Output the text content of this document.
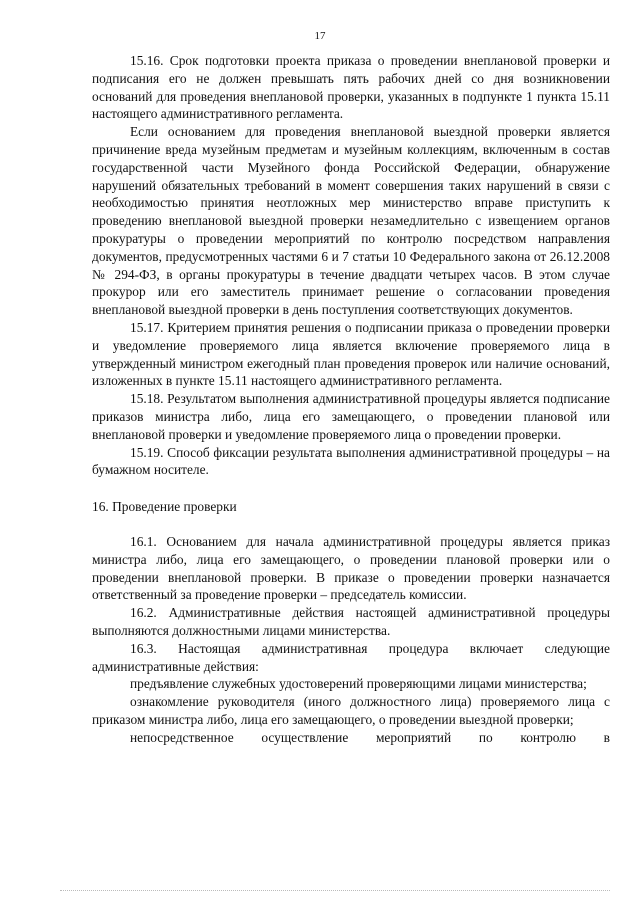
17

15.16. Срок подготовки проекта приказа о проведении внеплановой проверки и подписания его не должен превышать пять рабочих дней со дня возникновении оснований для проведения внеплановой проверки, указанных в подпункте 1 пункта 15.11 настоящего административного регламента.

Если основанием для проведения внеплановой выездной проверки является причинение вреда музейным предметам и музейным коллекциям, включенным в состав государственной части Музейного фонда Российской Федерации, обнаружение нарушений обязательных требований в момент совершения таких нарушений в связи с необходимостью принятия неотложных мер министерство вправе приступить к проведению внеплановой выездной проверки незамедлительно с извещением органов прокуратуры о проведении мероприятий по контролю посредством направления документов, предусмотренных частями 6 и 7 статьи 10 Федерального закона от 26.12.2008 № 294-ФЗ, в органы прокуратуры в течение двадцати четырех часов. В этом случае прокурор или его заместитель принимает решение о согласовании проведения внеплановой выездной проверки в день поступления соответствующих документов.

15.17. Критерием принятия решения о подписании приказа о проведении проверки и уведомление проверяемого лица является включение проверяемого лица в утвержденный министром ежегодный план проведения проверок или наличие оснований, изложенных в пункте 15.11 настоящего административного регламента.

15.18. Результатом выполнения административной процедуры является подписание приказов министра либо, лица его замещающего, о проведении плановой или внеплановой проверки и уведомление проверяемого лица о проведении проверки.

15.19. Способ фиксации результата выполнения административной процедуры – на бумажном носителе.

16. Проведение проверки

16.1. Основанием для начала административной процедуры является приказ министра либо, лица его замещающего, о проведении плановой проверки или о проведении внеплановой проверки. В приказе о проведении проверки назначается ответственный за проведение проверки – председатель комиссии.

16.2. Административные действия настоящей административной процедуры выполняются должностными лицами министерства.

16.3. Настоящая административная процедура включает следующие административные действия:

предъявление служебных удостоверений проверяющими лицами министерства;

ознакомление руководителя (иного должностного лица) проверяемого лица с приказом министра либо, лица его замещающего, о проведении выездной проверки;

непосредственное осуществление мероприятий по контролю в
